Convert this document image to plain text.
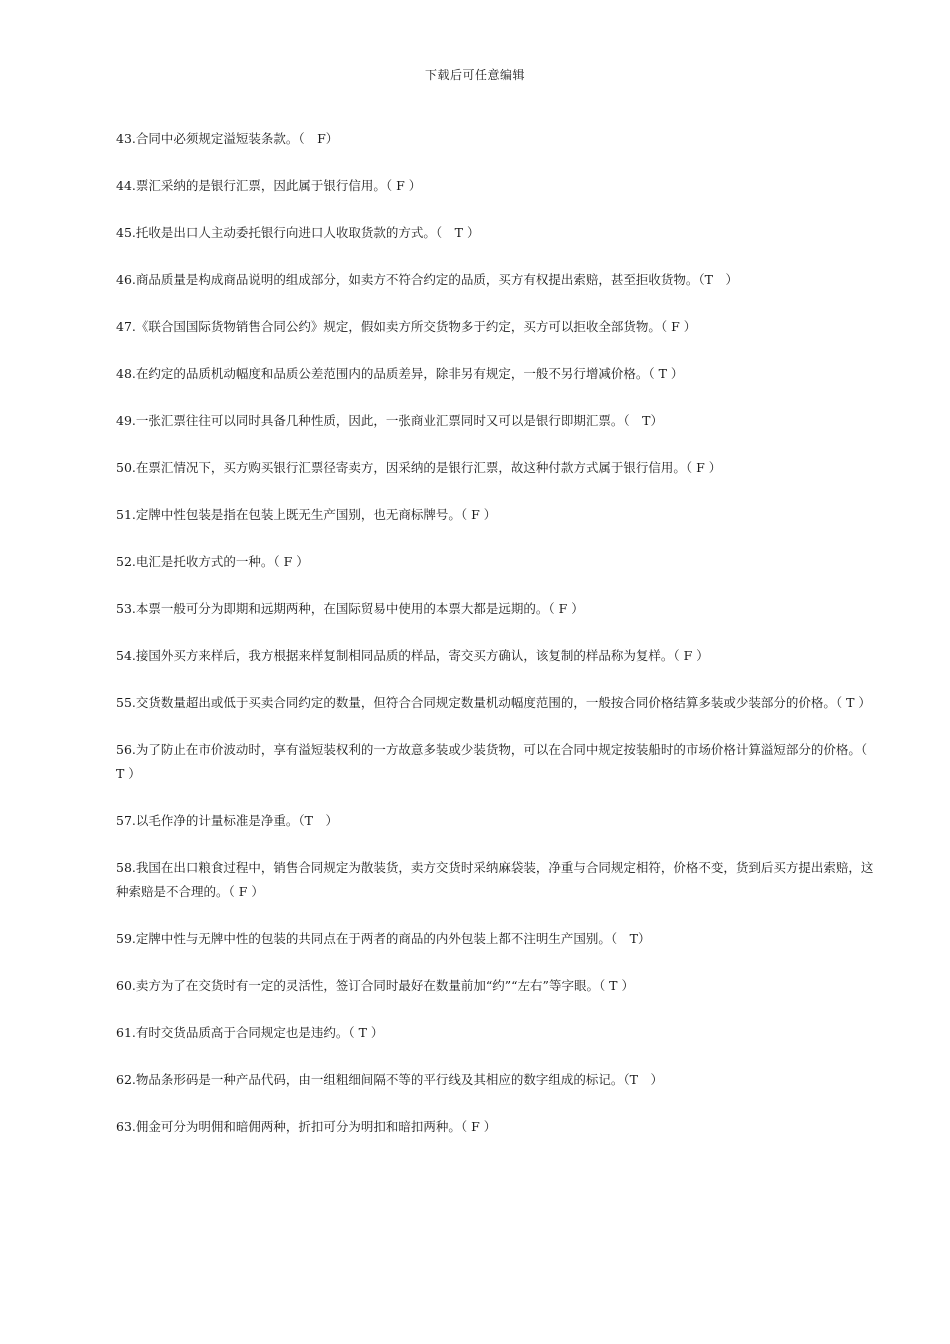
下载后可任意编辑

43.合同中必须规定溢短装条款。（　F）

44.票汇采纳的是银行汇票，因此属于银行信用。（ F ）

45.托收是出口人主动委托银行向进口人收取货款的方式。（　T ）

46.商品质量是构成商品说明的组成部分，如卖方不符合约定的品质，买方有权提出索赔，甚至拒收货物。（T　）

47.《联合国国际货物销售合同公约》规定，假如卖方所交货物多于约定，买方可以拒收全部货物。（ F ）

48.在约定的品质机动幅度和品质公差范围内的品质差异，除非另有规定，一般不另行增减价格。（ T ）

49.一张汇票往往可以同时具备几种性质，因此，一张商业汇票同时又可以是银行即期汇票。（　T）

50.在票汇情况下，买方购买银行汇票径寄卖方，因采纳的是银行汇票，故这种付款方式属于银行信用。（ F ）

51.定牌中性包装是指在包装上既无生产国别，也无商标牌号。（ F ）

52.电汇是托收方式的一种。（ F ）

53.本票一般可分为即期和远期两种，在国际贸易中使用的本票大都是远期的。（ F ）

54.接国外买方来样后，我方根据来样复制相同品质的样品，寄交买方确认，该复制的样品称为复样。（ F ）

55.交货数量超出或低于买卖合同约定的数量，但符合合同规定数量机动幅度范围的，一般按合同价格结算多装或少装部分的价格。（ T ）

56.为了防止在市价波动时，享有溢短装权利的一方故意多装或少装货物，可以在合同中规定按装船时的市场价格计算溢短部分的价格。（ T ）

57.以毛作净的计量标准是净重。（T　）

58.我国在出口粮食过程中，销售合同规定为散装货，卖方交货时采纳麻袋装，净重与合同规定相符，价格不变，货到后买方提出索赔，这种索赔是不合理的。（ F ）

59.定牌中性与无牌中性的包装的共同点在于两者的商品的内外包装上都不注明生产国别。（　T）

60.卖方为了在交货时有一定的灵活性，签订合同时最好在数量前加“约”“左右”等字眼。（ T ）

61.有时交货品质高于合同规定也是违约。（ T ）

62.物品条形码是一种产品代码，由一组粗细间隔不等的平行线及其相应的数字组成的标记。（T　）

63.佣金可分为明佣和暗佣两种，折扣可分为明扣和暗扣两种。（ F ）
